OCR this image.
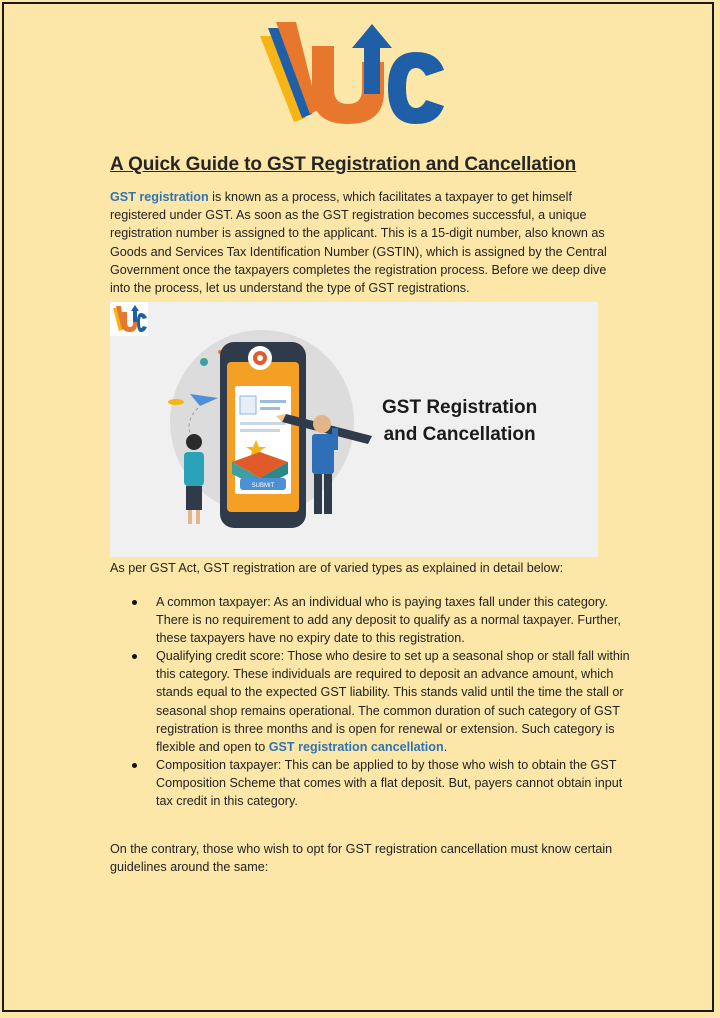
A Quick Guide to GST Registration and Cancellation

GST registration is known as a process, which facilitates a taxpayer to get himself registered under GST. As soon as the GST registration becomes successful, a unique registration number is assigned to the applicant. This is a 15-digit number, also known as Goods and Services Tax Identification Number (GSTIN), which is assigned by the Central Government once the taxpayers completes the registration process. Before we deep dive into the process, let us understand the type of GST registrations.

SUBMIT

GST Registration
and Cancellation

As per GST Act, GST registration are of varied types as explained in detail below:

A common taxpayer: As an individual who is paying taxes fall under this category. There is no requirement to add any deposit to qualify as a normal taxpayer. Further, these taxpayers have no expiry date to this registration.
Qualifying credit score: Those who desire to set up a seasonal shop or stall fall within this category. These individuals are required to deposit an advance amount, which stands equal to the expected GST liability. This stands valid until the time the stall or seasonal shop remains operational. The common duration of such category of GST registration is three months and is open for renewal or extension. Such category is flexible and open to GST registration cancellation.
Composition taxpayer: This can be applied to by those who wish to obtain the GST Composition Scheme that comes with a flat deposit. But, payers cannot obtain input tax credit in this category.

On the contrary, those who wish to opt for GST registration cancellation must know certain guidelines around the same:
